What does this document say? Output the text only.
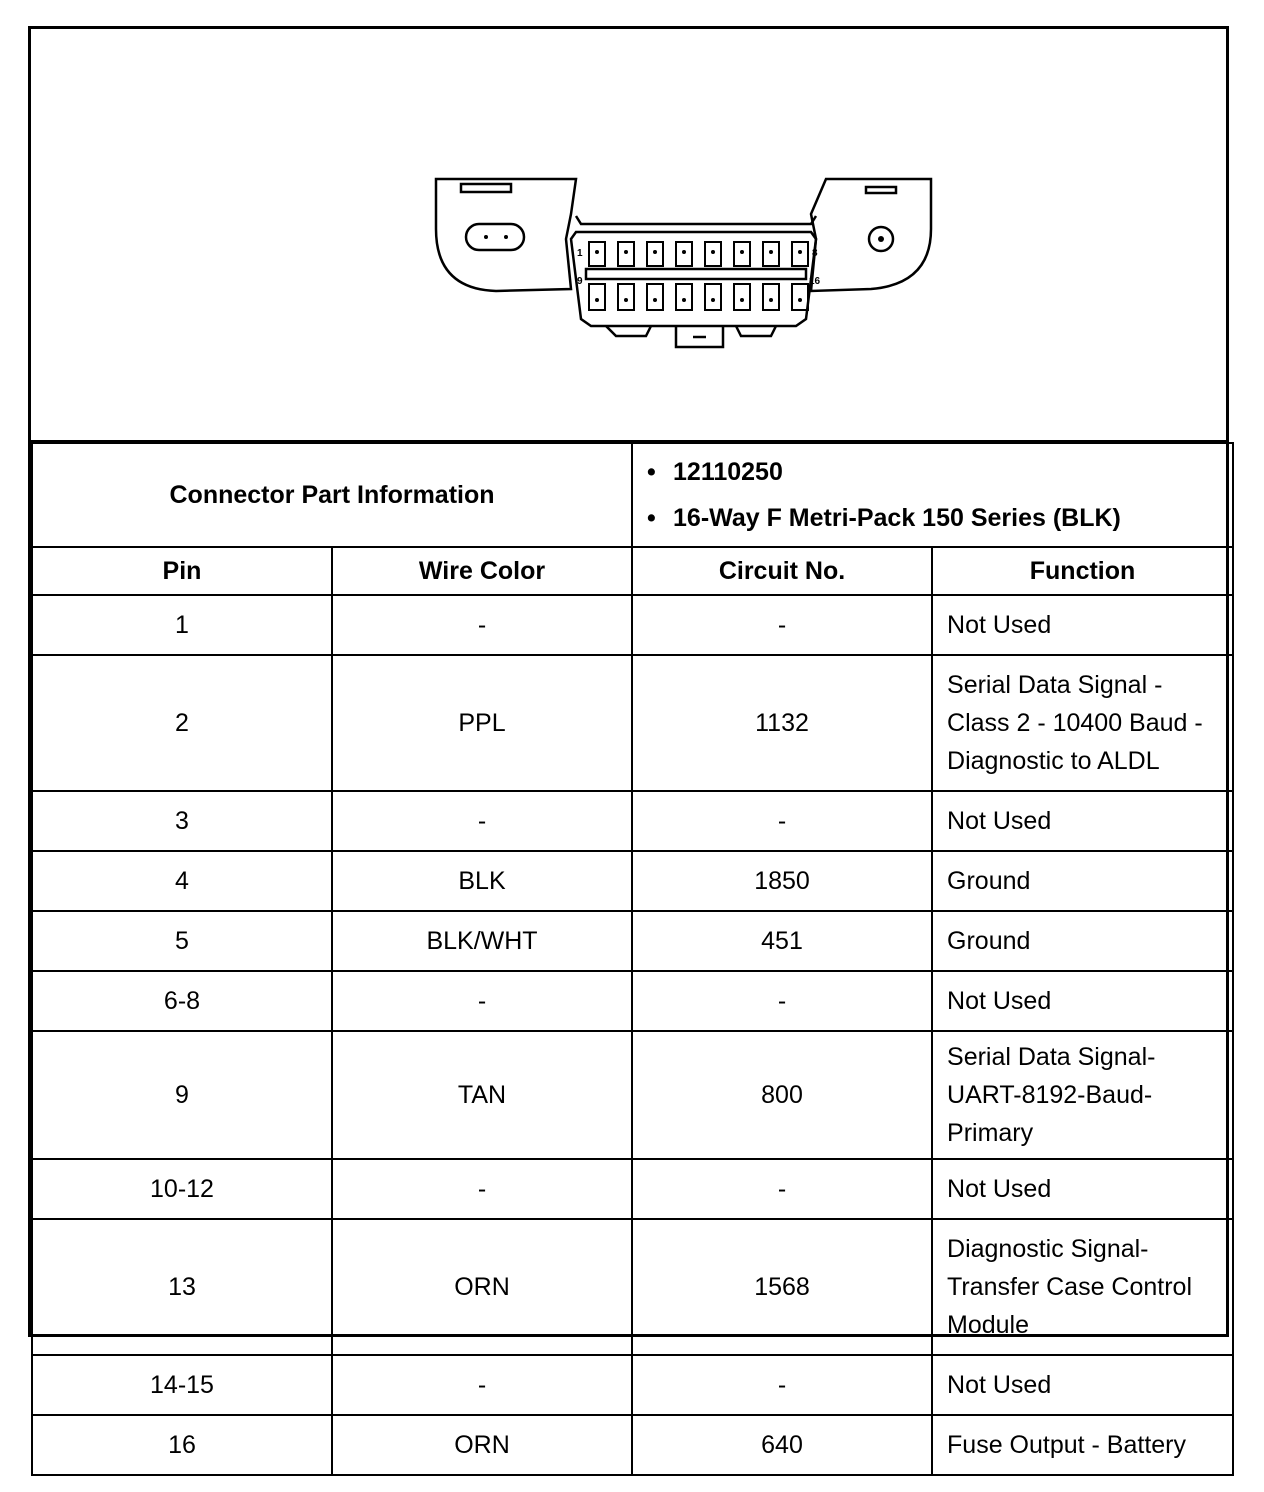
1	8
9	16
Connector Part Information		• 12110250
• 16-Way F Metri-Pack 150 Series (BLK)	

Pin	Wire Color	Circuit No.	Function
1	-	-	Not Used
2	PPL	1132	Serial Data Signal - Class 2 - 10400 Baud - Diagnostic to ALDL
3	-	-	Not Used
4	BLK	1850	Ground
5	BLK/WHT	451	Ground
6-8	-	-	Not Used
9	TAN	800	Serial Data Signal-UART-8192-Baud-Primary
10-12	-	-	Not Used
13	ORN	1568	Diagnostic Signal-Transfer Case Control Module
14-15	-	-	Not Used
16	ORN	640	Fuse Output - Battery
